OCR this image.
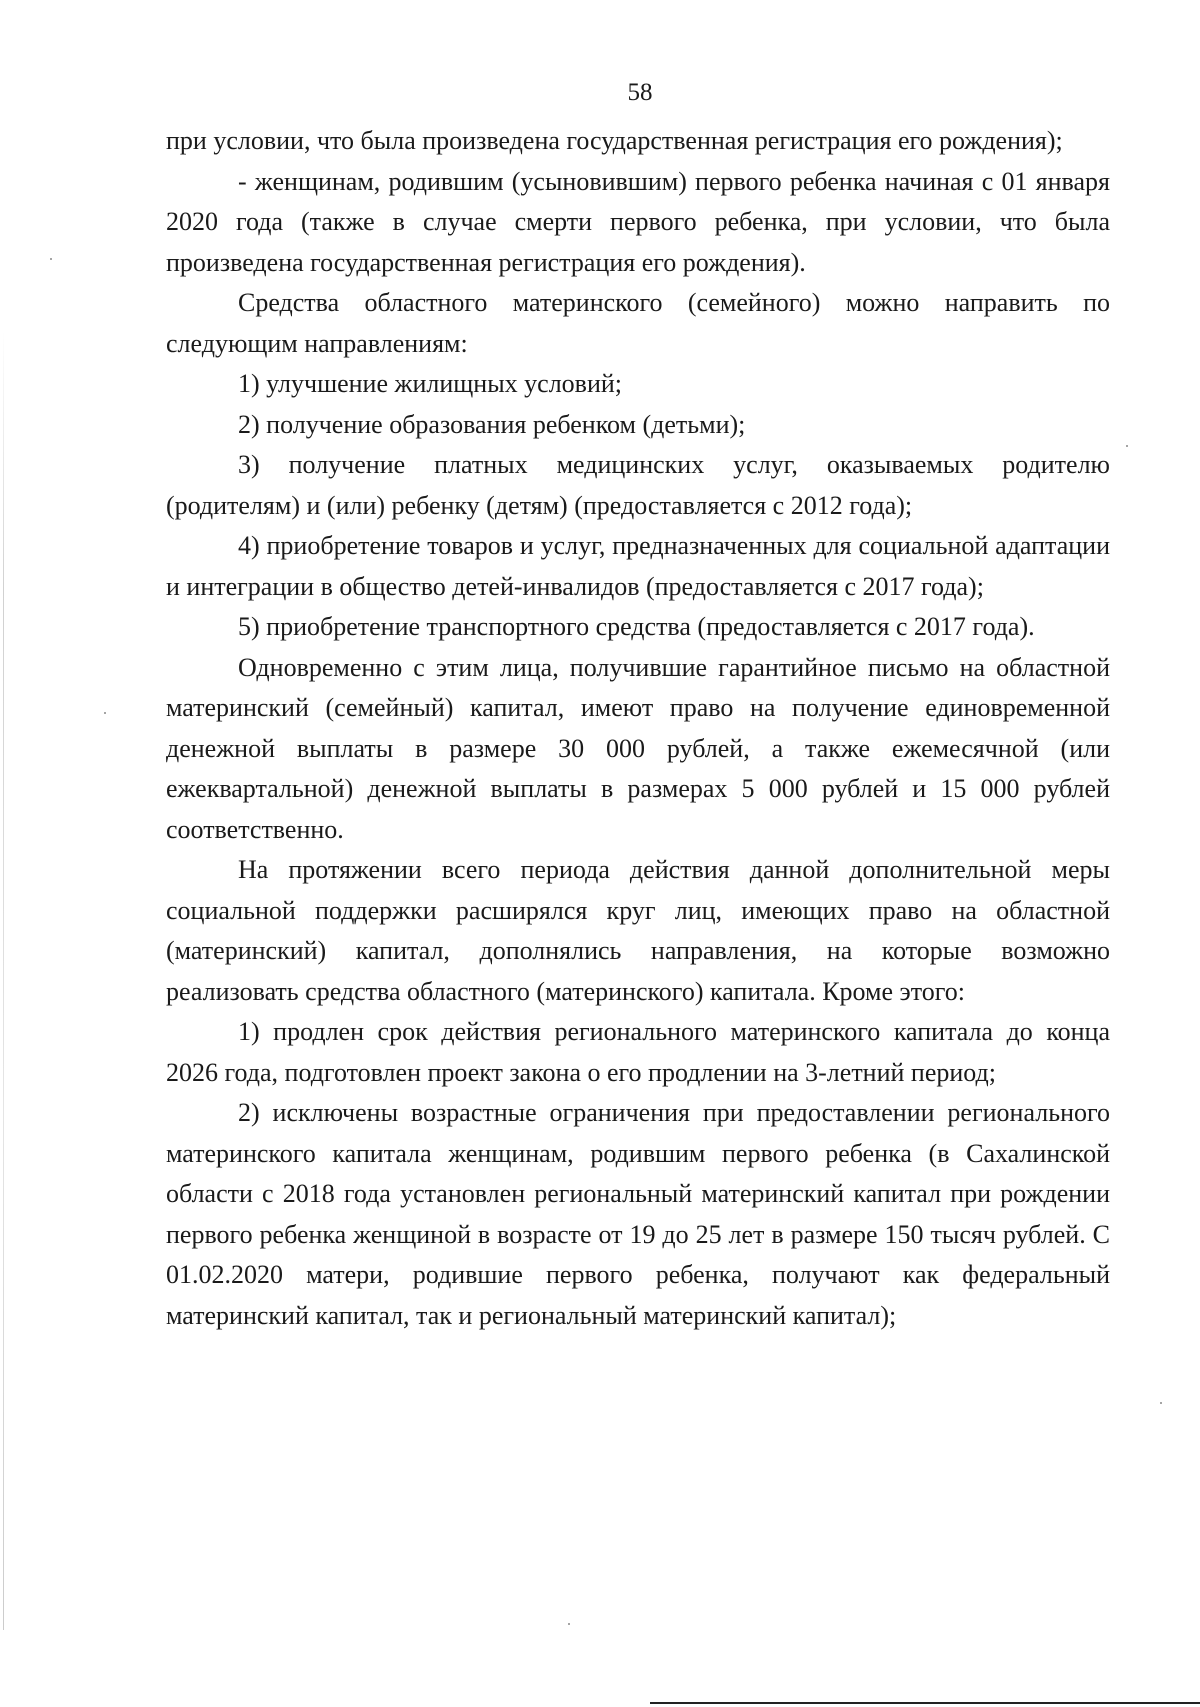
58

при условии, что была произведена государственная регистрация его рождения);

- женщинам, родившим (усыновившим) первого ребенка начиная с 01 января 2020 года (также в случае смерти первого ребенка, при условии, что была произведена государственная регистрация его рождения).

Средства областного материнского (семейного) можно направить по следующим направлениям:

1) улучшение жилищных условий;

2) получение образования ребенком (детьми);

3) получение платных медицинских услуг, оказываемых родителю (родителям) и (или) ребенку (детям) (предоставляется с 2012 года);

4) приобретение товаров и услуг, предназначенных для социальной адаптации и интеграции в общество детей-инвалидов (предоставляется с 2017 года);

5) приобретение транспортного средства (предоставляется с 2017 года).

Одновременно с этим лица, получившие гарантийное письмо на областной материнский (семейный) капитал, имеют право на получение единовременной денежной выплаты в размере 30 000 рублей, а также ежемесячной (или ежеквартальной) денежной выплаты в размерах 5 000 рублей и 15 000 рублей соответственно.

На протяжении всего периода действия данной дополнительной меры социальной поддержки расширялся круг лиц, имеющих право на областной (материнский) капитал, дополнялись направления, на которые возможно реализовать средства областного (материнского) капитала. Кроме этого:

1) продлен срок действия регионального материнского капитала до конца 2026 года, подготовлен проект закона о его продлении на 3-летний период;

2) исключены возрастные ограничения при предоставлении регионального материнского капитала женщинам, родившим первого ребенка (в Сахалинской области с 2018 года установлен региональный материнский капитал при рождении первого ребенка женщиной в возрасте от 19 до 25 лет в размере 150 тысяч рублей. С 01.02.2020 матери, родившие первого ребенка, получают как федеральный материнский капитал, так и региональный материнский капитал);
